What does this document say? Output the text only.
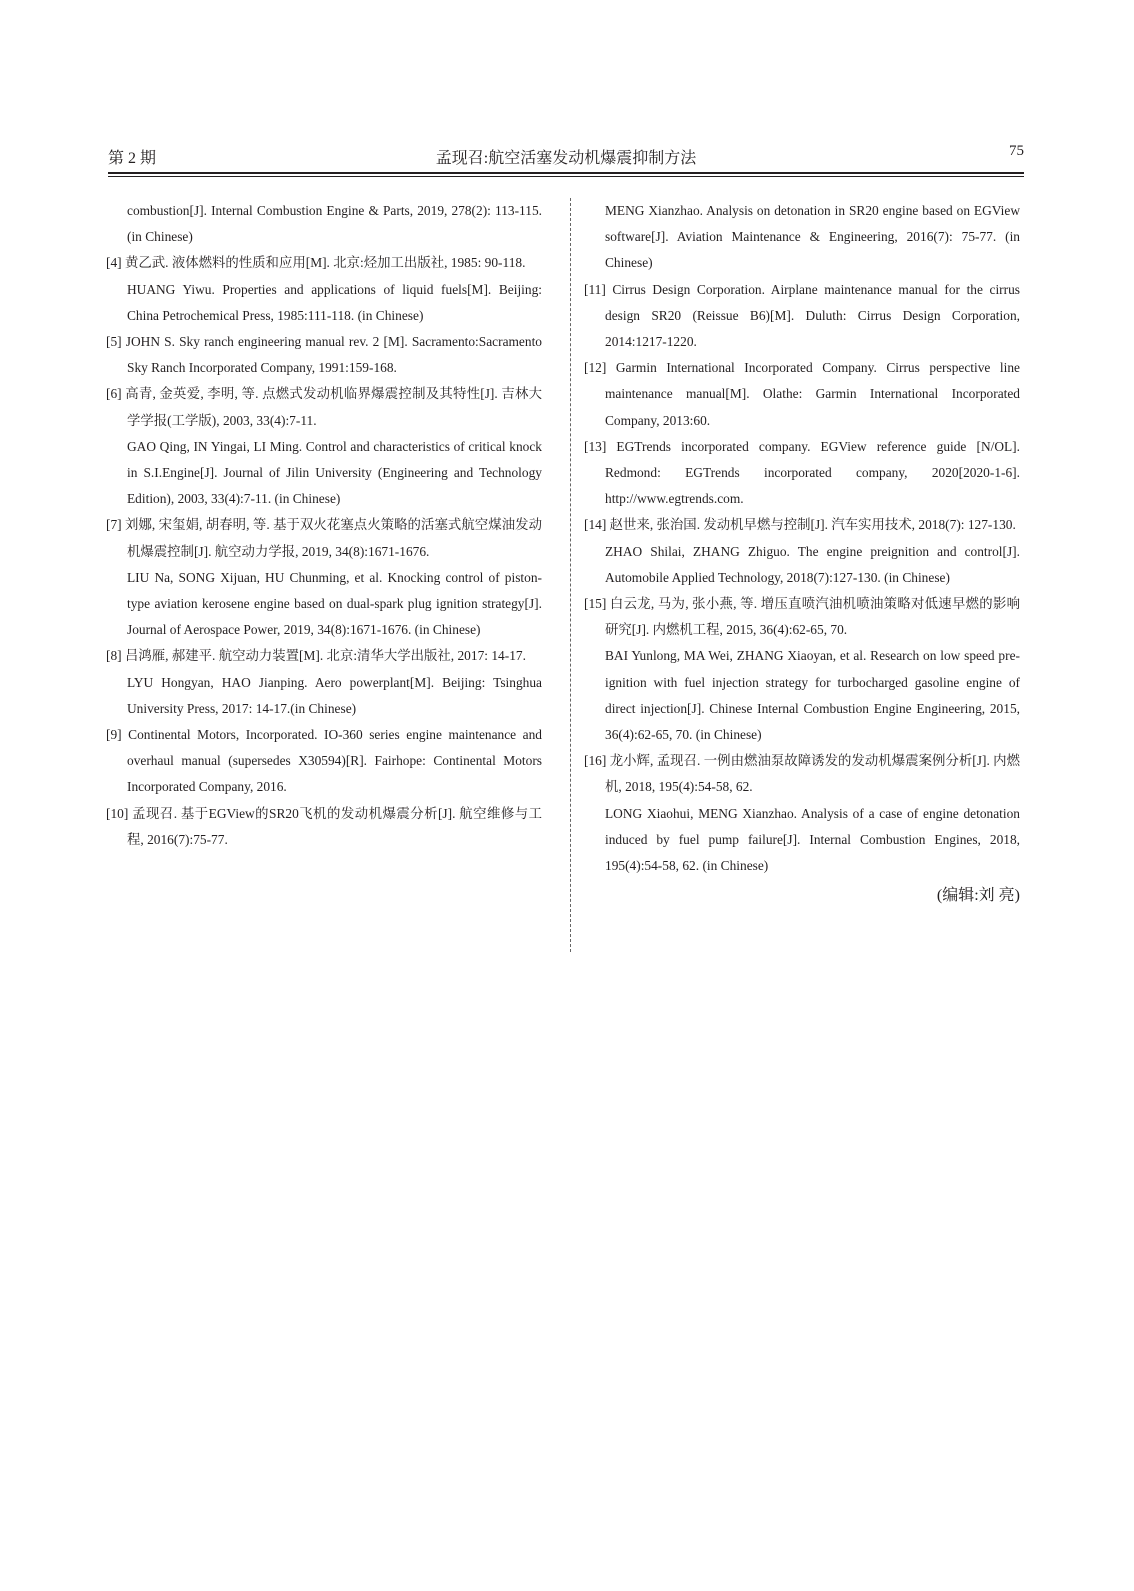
第 2 期	孟现召:航空活塞发动机爆震抑制方法	75
combustion[J]. Internal Combustion Engine & Parts, 2019, 278(2): 113-115. (in Chinese)
[4] 黄乙武. 液体燃料的性质和应用[M]. 北京:烃加工出版社, 1985: 90-118.
HUANG Yiwu. Properties and applications of liquid fuels[M]. Beijing: China Petrochemical Press, 1985:111-118. (in Chinese)
[5] JOHN S. Sky ranch engineering manual rev. 2 [M]. Sacramento:Sacramento Sky Ranch Incorporated Company, 1991:159-168.
[6] 高青, 金英爱, 李明, 等. 点燃式发动机临界爆震控制及其特性[J]. 吉林大学学报(工学版), 2003, 33(4):7-11.
GAO Qing, IN Yingai, LI Ming. Control and characteristics of critical knock in S.I.Engine[J]. Journal of Jilin University (Engineering and Technology Edition), 2003, 33(4):7-11. (in Chinese)
[7] 刘娜, 宋玺娟, 胡春明, 等. 基于双火花塞点火策略的活塞式航空煤油发动机爆震控制[J]. 航空动力学报, 2019, 34(8):1671-1676.
LIU Na, SONG Xijuan, HU Chunming, et al. Knocking control of piston-type aviation kerosene engine based on dual-spark plug ignition strategy[J]. Journal of Aerospace Power, 2019, 34(8):1671-1676. (in Chinese)
[8] 吕鸿雁, 郝建平. 航空动力装置[M]. 北京:清华大学出版社, 2017: 14-17.
LYU Hongyan, HAO Jianping. Aero powerplant[M]. Beijing: Tsinghua University Press, 2017: 14-17.(in Chinese)
[9] Continental Motors, Incorporated. IO-360 series engine maintenance and overhaul manual (supersedes X30594)[R]. Fairhope: Continental Motors Incorporated Company, 2016.
[10] 孟现召. 基于EGView的SR20飞机的发动机爆震分析[J]. 航空维修与工程, 2016(7):75-77.
MENG Xianzhao. Analysis on detonation in SR20 engine based on EGView software[J]. Aviation Maintenance & Engineering, 2016(7): 75-77. (in Chinese)
[11] Cirrus Design Corporation. Airplane maintenance manual for the cirrus design SR20 (Reissue B6)[M]. Duluth: Cirrus Design Corporation, 2014:1217-1220.
[12] Garmin International Incorporated Company. Cirrus perspective line maintenance manual[M]. Olathe: Garmin International Incorporated Company, 2013:60.
[13] EGTrends incorporated company. EGView reference guide [N/OL]. Redmond: EGTrends incorporated company, 2020[2020-1-6]. http://www.egtrends.com.
[14] 赵世来, 张治国. 发动机早燃与控制[J]. 汽车实用技术, 2018(7): 127-130.
ZHAO Shilai, ZHANG Zhiguo. The engine preignition and control[J]. Automobile Applied Technology, 2018(7):127-130. (in Chinese)
[15] 白云龙, 马为, 张小燕, 等. 增压直喷汽油机喷油策略对低速早燃的影响研究[J]. 内燃机工程, 2015, 36(4):62-65, 70.
BAI Yunlong, MA Wei, ZHANG Xiaoyan, et al. Research on low speed pre-ignition with fuel injection strategy for turbocharged gasoline engine of direct injection[J]. Chinese Internal Combustion Engine Engineering, 2015, 36(4):62-65, 70. (in Chinese)
[16] 龙小辉, 孟现召. 一例由燃油泵故障诱发的发动机爆震案例分析[J]. 内燃机, 2018, 195(4):54-58, 62.
LONG Xiaohui, MENG Xianzhao. Analysis of a case of engine detonation induced by fuel pump failure[J]. Internal Combustion Engines, 2018, 195(4):54-58, 62. (in Chinese)
(编辑:刘 亮)
